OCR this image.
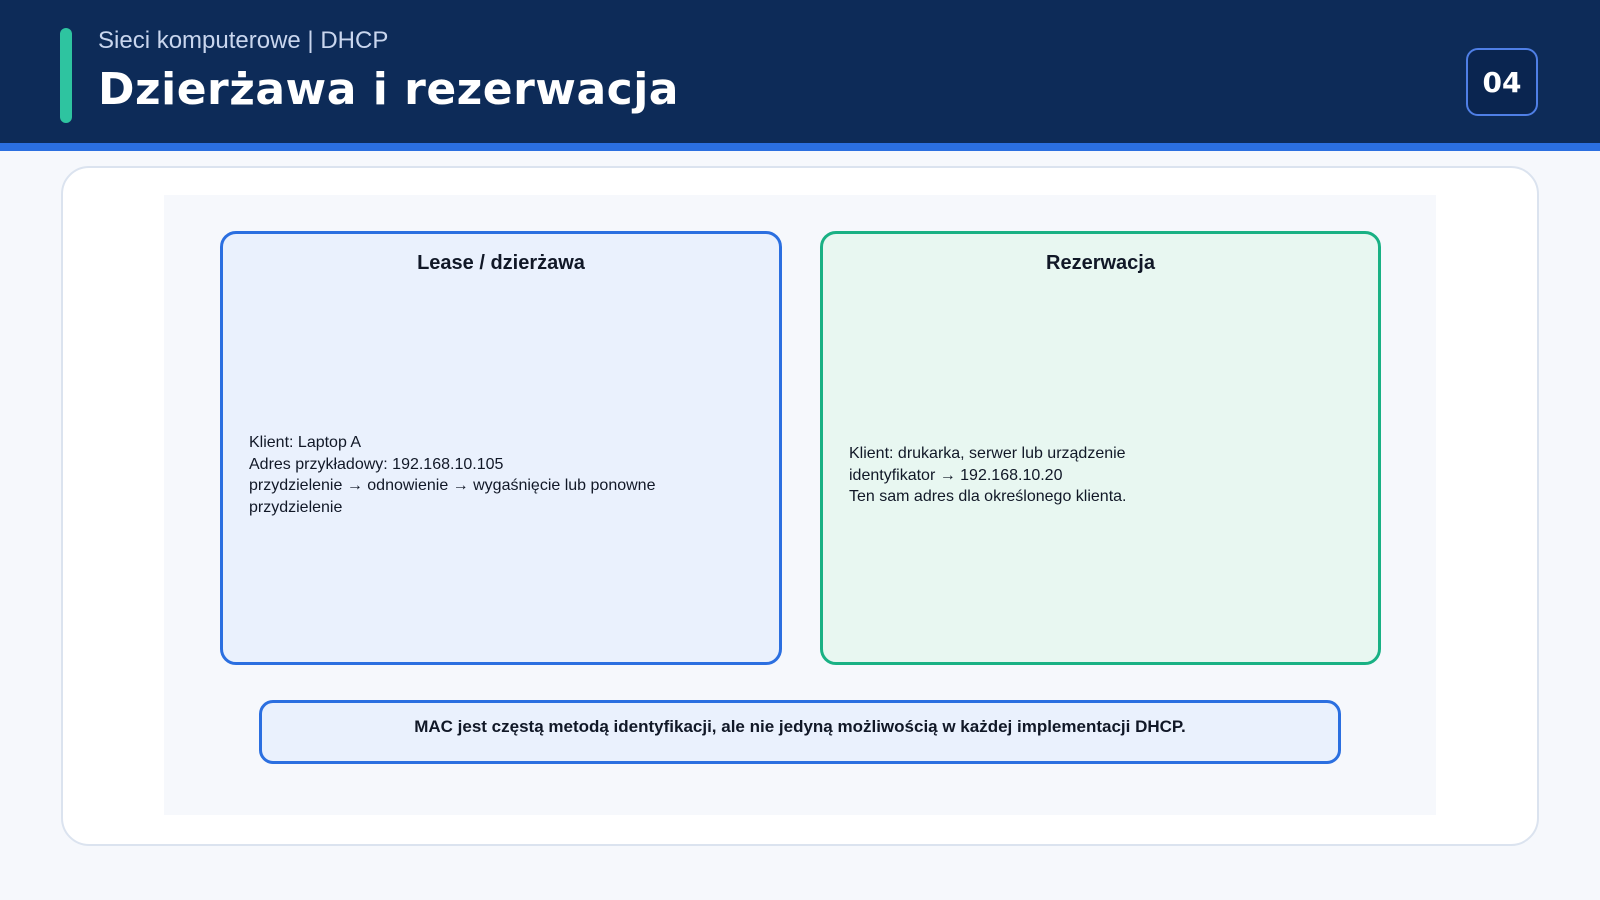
Sieci komputerowe | DHCP
Dzierżawa i rezerwacja	04
Lease / dzierżawa
Klient: Laptop A
Adres przykładowy: 192.168.10.105
przydzielenie → odnowienie → wygaśnięcie lub ponowne przydzielenie
Rezerwacja
Klient: drukarka, serwer lub urządzenie
identyfikator → 192.168.10.20
Ten sam adres dla określonego klienta.
MAC jest częstą metodą identyfikacji, ale nie jedyną możliwością w każdej implementacji DHCP.
